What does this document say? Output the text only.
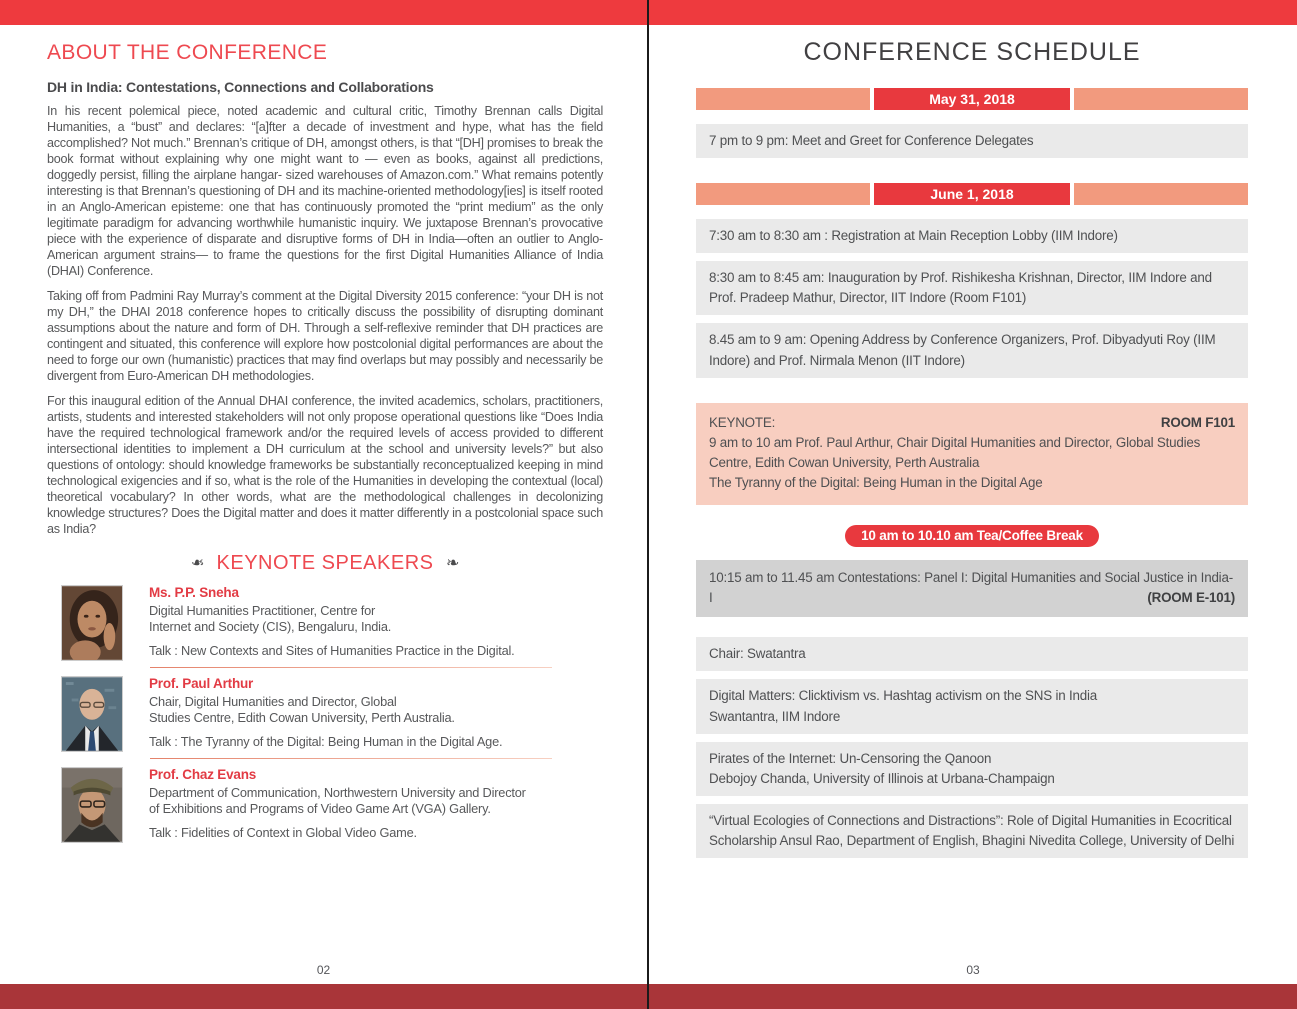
ABOUT THE CONFERENCE
DH in India: Contestations, Connections and Collaborations

In his recent polemical piece, noted academic and cultural critic, Timothy Brennan calls Digital Humanities, a “bust” and declares: “[a]fter a decade of investment and hype, what has the field accomplished? Not much.” Brennan’s critique of DH, amongst others, is that “[DH] promises to break the book format without explaining why one might want to — even as books, against all predictions, doggedly persist, filling the airplane hangar- sized warehouses of Amazon.com.” What remains potently interesting is that Brennan’s questioning of DH and its machine-oriented methodology[ies] is itself rooted in an Anglo-American episteme: one that has continuously promoted the “print medium” as the only legitimate paradigm for advancing worthwhile humanistic inquiry. We juxtapose Brennan’s provocative piece with the experience of disparate and disruptive forms of DH in India—often an outlier to Anglo-American argument strains— to frame the questions for the first Digital Humanities Alliance of India (DHAI) Conference.

Taking off from Padmini Ray Murray’s comment at the Digital Diversity 2015 conference: “your DH is not my DH,” the DHAI 2018 conference hopes to critically discuss the possibility of disrupting dominant assumptions about the nature and form of DH. Through a self-reflexive reminder that DH practices are contingent and situated, this conference will explore how postcolonial digital performances are about the need to forge our own (humanistic) practices that may find overlaps but may possibly and necessarily be divergent from Euro-American DH methodologies.

For this inaugural edition of the Annual DHAI conference, the invited academics, scholars, practitioners, artists, students and interested stakeholders will not only propose operational questions like “Does India have the required technological framework and/or the required levels of access provided to different intersectional identities to implement a DH curriculum at the school and university levels?” but also questions of ontology: should knowledge frameworks be substantially reconceptualized keeping in mind technological exigencies and if so, what is the role of the Humanities in developing the contextual (local) theoretical vocabulary? In other words, what are the methodological challenges in decolonizing knowledge structures? Does the Digital matter and does it matter differently in a postcolonial space such as India?

❧ KEYNOTE SPEAKERS ❧
Ms. P.P. Sneha
Digital Humanities Practitioner, Centre for
Internet and Society (CIS), Bengaluru, India.
Talk : New Contexts and Sites of Humanities Practice in the Digital.
Prof. Paul Arthur
Chair, Digital Humanities and Director, Global
Studies Centre, Edith Cowan University, Perth Australia.
Talk : The Tyranny of the Digital: Being Human in the Digital Age.
Prof. Chaz Evans
Department of Communication, Northwestern University and Director
of Exhibitions and Programs of Video Game Art (VGA) Gallery.
Talk : Fidelities of Context in Global Video Game.
02
CONFERENCE SCHEDULE
May 31, 2018
7 pm to 9 pm: Meet and Greet for Conference Delegates
June 1, 2018
7:30 am to 8:30 am : Registration at Main Reception Lobby (IIM Indore)
8:30 am to 8:45 am: Inauguration by Prof. Rishikesha Krishnan, Director, IIM Indore and Prof. Pradeep Mathur, Director, IIT Indore (Room F101)
8.45 am to 9 am: Opening Address by Conference Organizers, Prof. Dibyadyuti Roy (IIM Indore) and Prof. Nirmala Menon (IIT Indore)
KEYNOTE:	ROOM F101
9 am to 10 am Prof. Paul Arthur, Chair Digital Humanities and Director, Global Studies Centre, Edith Cowan University, Perth Australia
The Tyranny of the Digital: Being Human in the Digital Age
10 am to 10.10 am Tea/Coffee Break
10:15 am to 11.45 am Contestations: Panel I: Digital Humanities and Social Justice in India-I	(ROOM E-101)
Chair: Swatantra
Digital Matters: Clicktivism vs. Hashtag activism on the SNS in India
Swantantra, IIM Indore
Pirates of the Internet: Un-Censoring the Qanoon
Debojoy Chanda, University of Illinois at Urbana-Champaign
“Virtual Ecologies of Connections and Distractions”: Role of Digital Humanities in Ecocritical Scholarship Ansul Rao, Department of English, Bhagini Nivedita College, University of Delhi
03
